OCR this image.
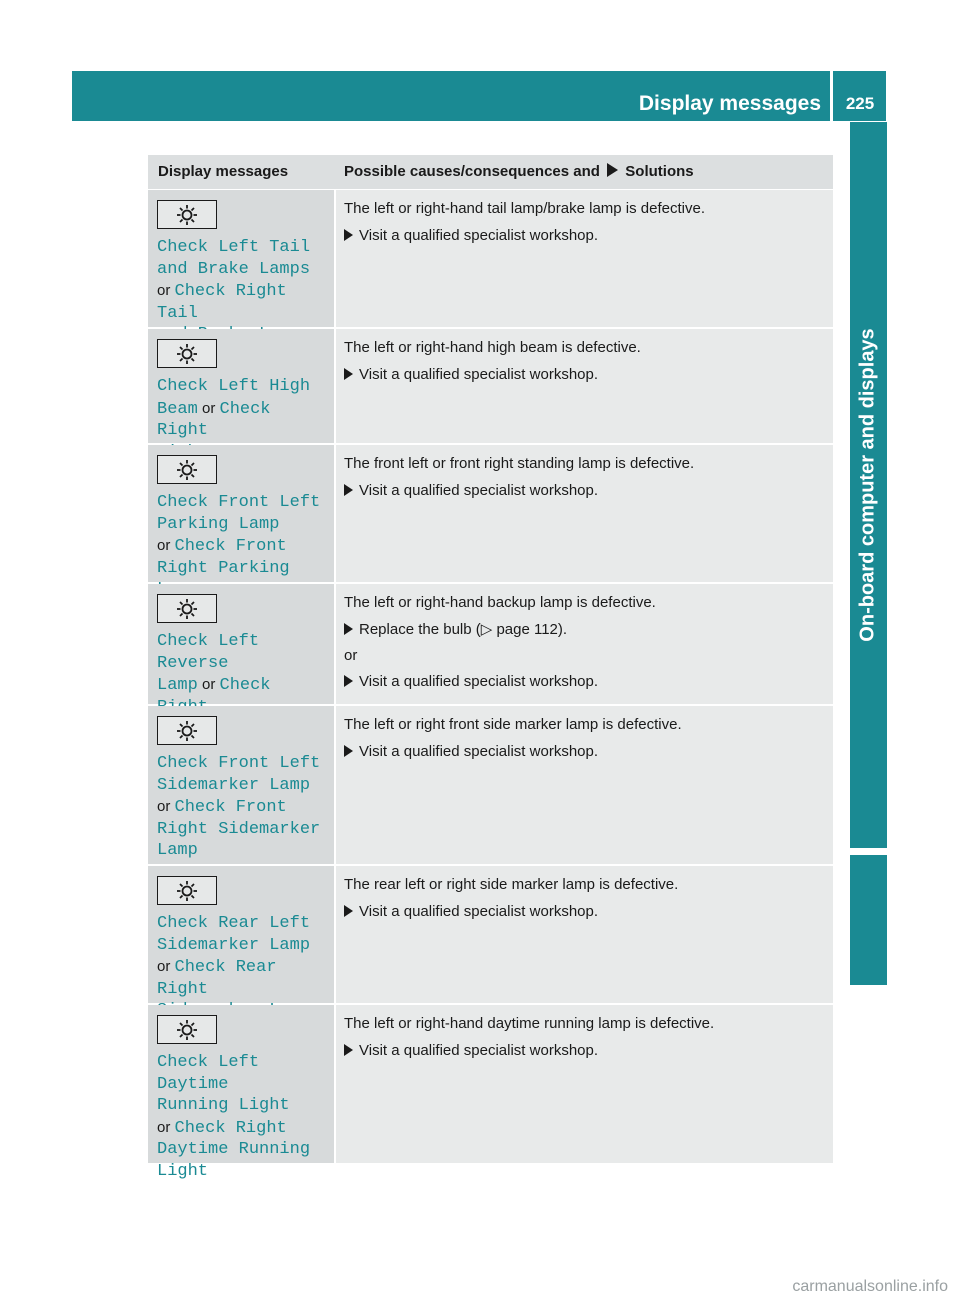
Display messages	225
On-board computer and displays
Display messages	Possible causes/consequences and Solutions
Check Left Tail
and Brake Lamps
or Check Right Tail
The left or right-hand tail lamp/brake lamp is defective.
Visit a qualified specialist workshop.
Check Left High
Beam or Check Right
The left or right-hand high beam is defective.
Visit a qualified specialist workshop.
Check Front Left
Parking Lamp
or Check Front
Right Parking
The front left or front right standing lamp is defective.
Visit a qualified specialist workshop.
Check Left Reverse
Lamp or Check
The left or right-hand backup lamp is defective.
Replace the bulb (▷ page 112).
or
Visit a qualified specialist workshop.
Check Front Left
Sidemarker Lamp
or Check Front
Right Sidemarker
Lamp
The left or right front side marker lamp is defective.
Visit a qualified specialist workshop.
Check Rear Left
Sidemarker Lamp
or Check Rear Right
The rear left or right side marker lamp is defective.
Visit a qualified specialist workshop.
Check Left Daytime
Running Light
or Check Right
Daytime Running
Light
The left or right-hand daytime running lamp is defective.
Visit a qualified specialist workshop.
carmanualsonline.info
